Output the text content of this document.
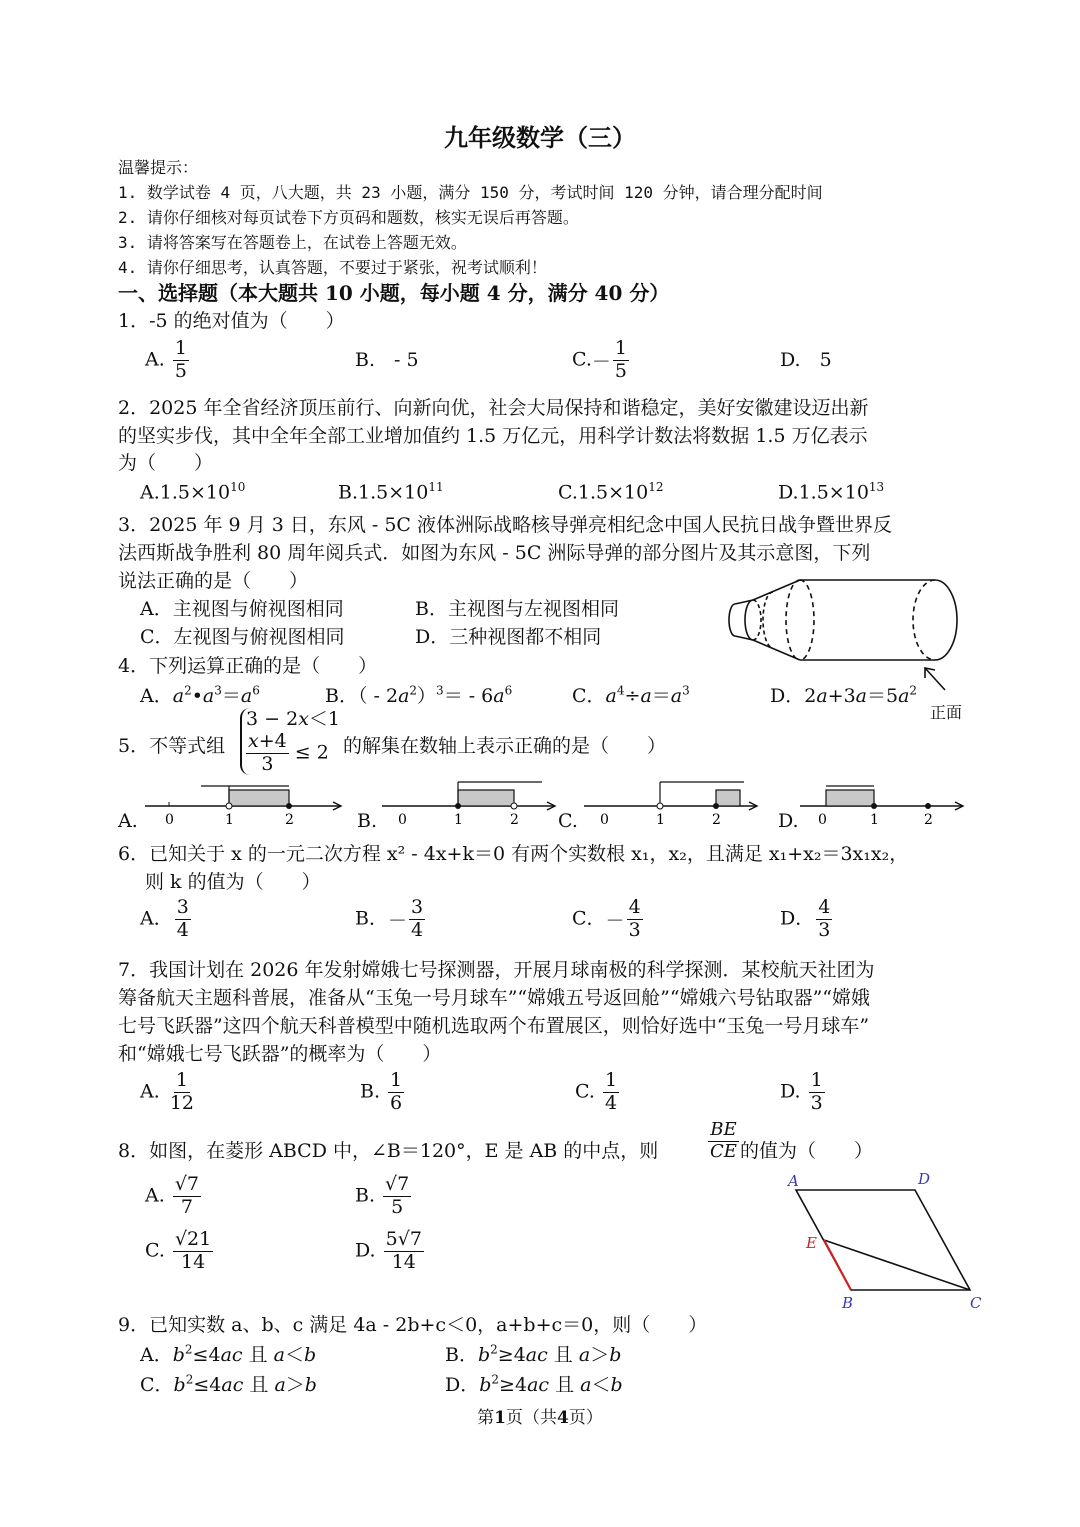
九年级数学（三）
温馨提示：
1. 数学试卷 4 页，八大题，共 23 小题，满分 150 分，考试时间 120 分钟，请合理分配时间
2. 请你仔细核对每页试卷下方页码和题数，核实无误后再答题。
3. 请将答案写在答题卷上，在试卷上答题无效。
4. 请你仔细思考，认真答题，不要过于紧张，祝考试顺利！
一、选择题（本大题共 10 小题，每小题 4 分，满分 40 分）
1．-5 的绝对值为（　　）
A. $\frac{1}{5}$	B.　- 5	$C.- \frac{1}{5}$	D.　5
2．2025 年全省经济顶压前行、向新向优，社会大局保持和谐稳定，美好安徽建设迈出新
的坚实步伐，其中全年全部工业增加值约 1.5 万亿元，用科学计数法将数据 1.5 万亿表示
为（　　）
$A.1.5\times 10^{10}$	$B.1.5\times 10^{11}$	$C.1.5\times 10^{12}$	$D.1.5\times 10^{13}$
3．2025 年 9 月 3 日，东风 - 5C 液体洲际战略核导弹亮相纪念中国人民抗日战争暨世界反
法西斯战争胜利 80 周年阅兵式．如图为东风 - 5C 洲际导弹的部分图片及其示意图，下列
说法正确的是（　　）
A．主视图与俯视图相同	B．主视图与左视图相同
C．左视图与俯视图相同	D．三种视图都不相同
正面
4．下列运算正确的是（　　）
A．$a^2•a^3=a^6$	B．（ - $2a^2)^3= - 6a^6$	C．$a^4\div a=a^3$	D．$2a+3a=5a^2$
5．不等式组
3 − 2x＜1

$\frac{x+4}{3} \le 2$ 的解集在数轴上表示正确的是（　　）
0	1	2
A.	0	1	2
B.	0	1	2
C.	0	1	2
D.
6．已知关于 x 的一元二次方程 x² - 4x+k＝0 有两个实数根 x₁，x₂，且满足 x₁+x₂＝3x₁x₂，
则 k 的值为（　　）
A． $\frac{3}{4}$	B．－ $\frac{3}{4}$	C．－ $\frac{4}{3}$	D． $\frac{4}{3}$
7．我国计划在 2026 年发射嫦娥七号探测器，开展月球南极的科学探测．某校航天社团为
筹备航天主题科普展，准备从“玉兔一号月球车”“嫦娥五号返回舱”“嫦娥六号钻取器”“嫦娥
七号飞跃器”这四个航天科普模型中随机选取两个布置展区，则恰好选中“玉兔一号月球车”
和“嫦娥七号飞跃器”的概率为（　　）
A. $\frac{1}{12}$	B. $\frac{1}{6}$	C. $\frac{1}{4}$	D. $\frac{1}{3}$
8．如图，在菱形 ABCD 中，∠B＝120°，E 是 AB 的中点，则	$\frac{BE}{CE}$ 的值为（　　）
A. $\frac{√7}{7}$	B. $\frac{√7}{5}$
C. $\frac{√21}{14}$	D. $\frac{5√7}{14}$
A	D
E
B	C
9．已知实数 a、b、c 满足 4a - 2b+c＜0，a+b+c＝0，则（　　）
A．$b^2\le 4ac$ 且 a＜b	B．$b^2\ge 4ac$ 且 a＞b
C．$b^2\le 4ac$ 且 a＞b	D．$b^2\ge 4ac$ 且 a＜b
第1页（共4页）
